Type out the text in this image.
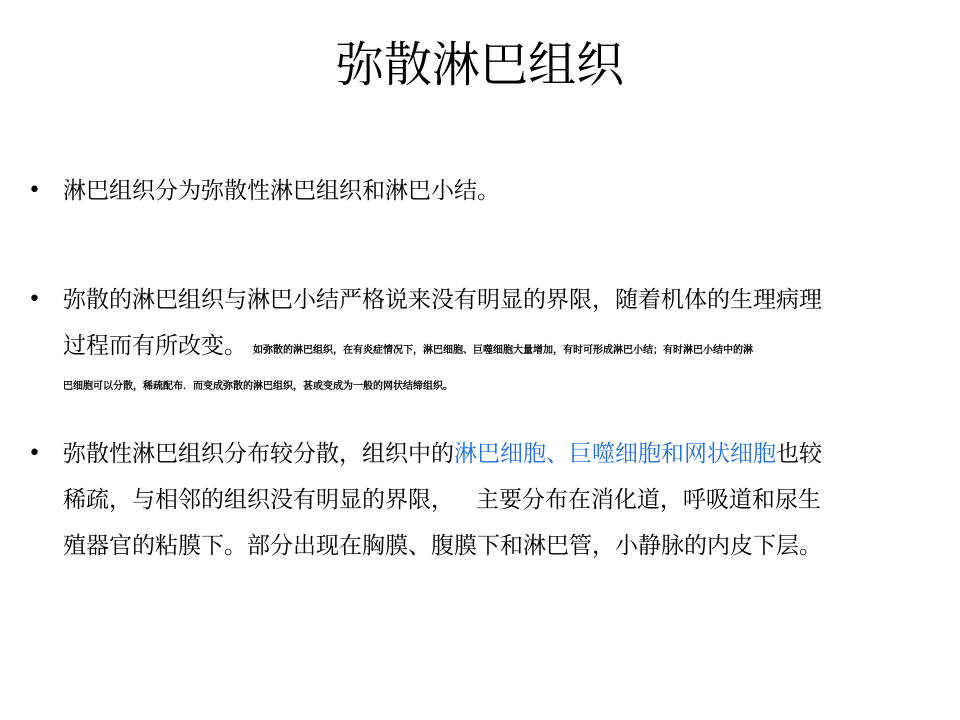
弥散淋巴组织
• 淋巴组织分为弥散性淋巴组织和淋巴小结。

• 弥散的淋巴组织与淋巴小结严格说来没有明显的界限，随着机体的生理病理
过程而有所改变。 如弥散的淋巴组织，在有炎症情况下，淋巴细胞、巨噬细胞大量增加，有时可形成淋巴小结；有时淋巴小结中的淋
巴细胞可以分散，稀疏配布．而变成弥散的淋巴组织，甚或变成为一般的网状结缔组织。

• 弥散性淋巴组织分布较分散，组织中的淋巴细胞、巨噬细胞和网状细胞也较
稀疏，与相邻的组织没有明显的界限，   主要分布在消化道，呼吸道和尿生
殖器官的粘膜下。部分出现在胸膜、腹膜下和淋巴管，小静脉的内皮下层。
